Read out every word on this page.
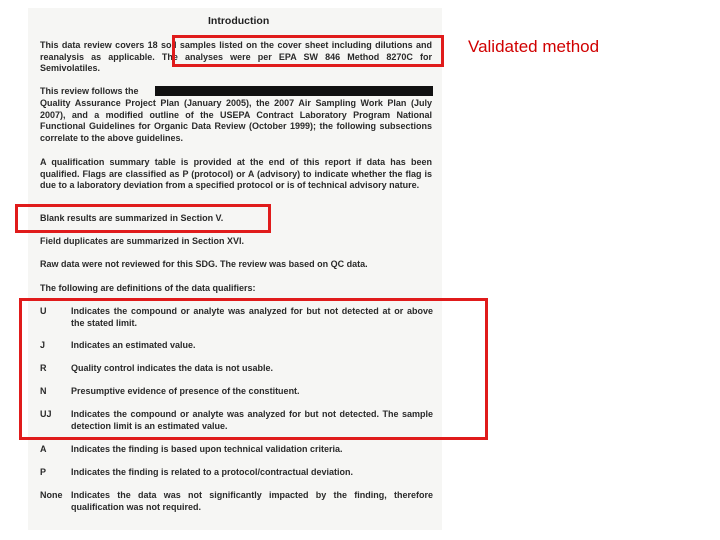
Introduction
This data review covers 18 soil samples listed on the cover sheet including dilutions and reanalysis as applicable. The analyses were per EPA SW 846 Method 8270C for Semivolatiles.
This review follows the
Quality Assurance Project Plan (January 2005), the 2007 Air Sampling Work Plan (July 2007), and a modified outline of the USEPA Contract Laboratory Program National Functional Guidelines for Organic Data Review (October 1999); the following subsections correlate to the above guidelines.
A qualification summary table is provided at the end of this report if data has been qualified. Flags are classified as P (protocol) or A (advisory) to indicate whether the flag is due to a laboratory deviation from a specified protocol or is of technical advisory nature.
Blank results are summarized in Section V.
Field duplicates are summarized in Section XVI.
Raw data were not reviewed for this SDG. The review was based on QC data.
The following are definitions of the data qualifiers:
U	Indicates the compound or analyte was analyzed for but not detected at or above the stated limit.
J	Indicates an estimated value.
R	Quality control indicates the data is not usable.
N	Presumptive evidence of presence of the constituent.
UJ Indicates the compound or analyte was analyzed for but not detected. The sample detection limit is an estimated value.
A	Indicates the finding is based upon technical validation criteria.
P	Indicates the finding is related to a protocol/contractual deviation.
None Indicates the data was not significantly impacted by the finding, therefore qualification was not required.
Validated method
